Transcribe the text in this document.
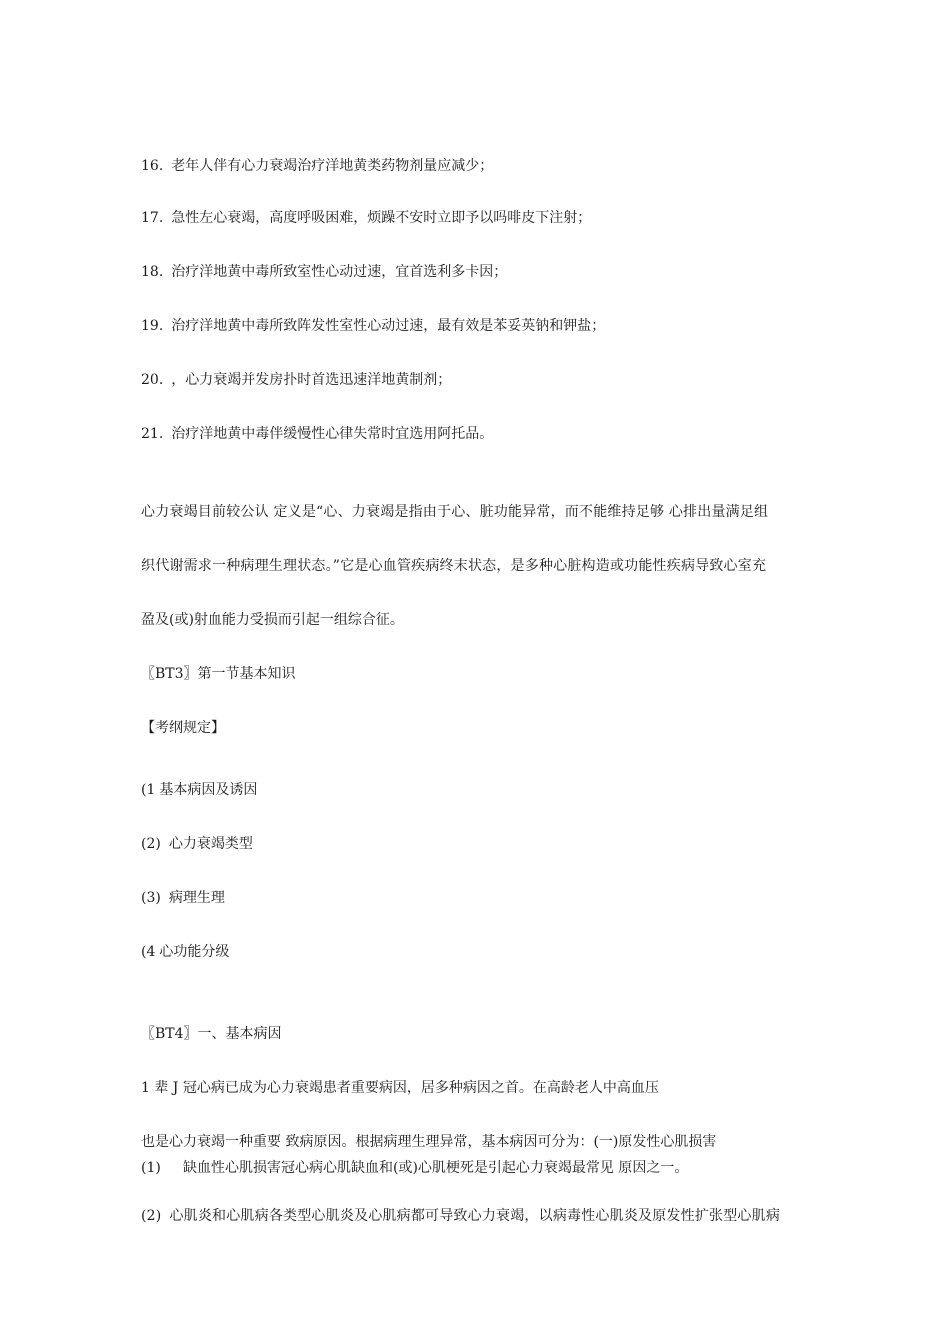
16. 老年人伴有心力衰竭治疗洋地黄类药物剂量应减少；
17. 急性左心衰竭，高度呼吸困难，烦躁不安时立即予以吗啡皮下注射；
18. 治疗洋地黄中毒所致室性心动过速，宜首选利多卡因；
19. 治疗洋地黄中毒所致阵发性室性心动过速，最有效是苯妥英钠和钾盐；
20. ，心力衰竭并发房扑时首选迅速洋地黄制剂；
21. 治疗洋地黄中毒伴缓慢性心律失常时宜选用阿托品。
心力衰竭目前较公认 定义是“心、力衰竭是指由于心、脏功能异常，而不能维持足够 心排出量满足组
织代谢需求一种病理生理状态。”它是心血管疾病终末状态，是多种心脏构造或功能性疾病导致心室充
盈及(或)射血能力受损而引起一组综合征。
〖BT3〗第一节基本知识
【考纲规定】
(1 基本病因及诱因
(2) 心力衰竭类型
(3) 病理生理
(4 心功能分级
〖BT4〗一、基本病因
1 辈 J 冠心病已成为心力衰竭患者重要病因，居多种病因之首。在高龄老人中高血压
也是心力衰竭一种重要 致病原因。根据病理生理异常，基本病因可分为：(一)原发性心肌损害
(1) 缺血性心肌损害冠心病心肌缺血和(或)心肌梗死是引起心力衰竭最常见 原因之一。
(2) 心肌炎和心肌病各类型心肌炎及心肌病都可导致心力衰竭，以病毒性心肌炎及原发性扩张型心肌病
